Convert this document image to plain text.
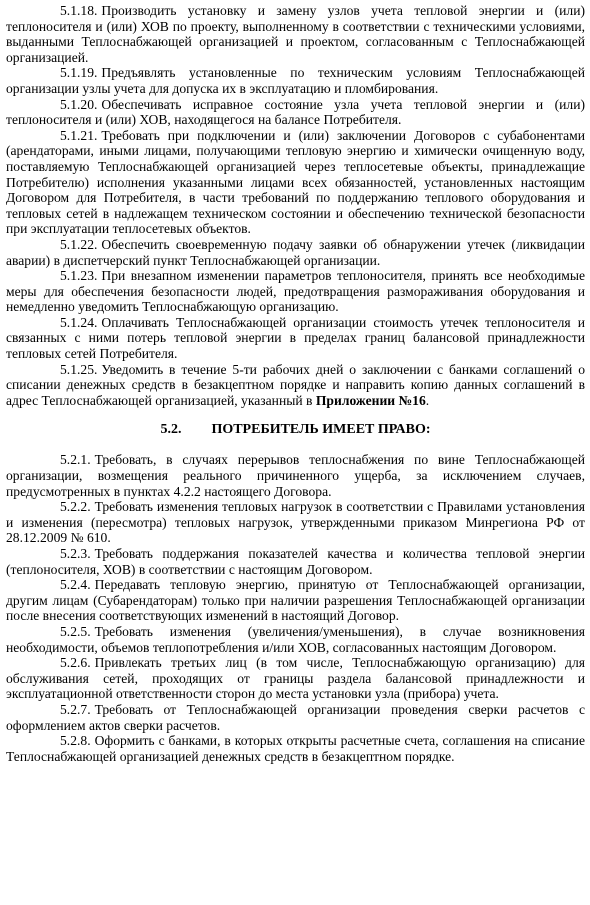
5.1.18. Производить установку и замену узлов учета тепловой энергии и (или) теплоносителя и (или) ХОВ по проекту, выполненному в соответствии с техническими условиями, выданными Теплоснабжающей организацией и проектом, согласованным с Теплоснабжающей организацией.

5.1.19. Предъявлять установленные по техническим условиям Теплоснабжающей организации узлы учета для допуска их в эксплуатацию и пломбирования.

5.1.20. Обеспечивать исправное состояние узла учета тепловой энергии и (или) теплоносителя и (или) ХОВ, находящегося на балансе Потребителя.

5.1.21. Требовать при подключении и (или) заключении Договоров с субабонентами (арендаторами, иными лицами, получающими тепловую энергию и химически очищенную воду, поставляемую Теплоснабжающей организацией через теплосетевые объекты, принадлежащие Потребителю) исполнения указанными лицами всех обязанностей, установленных настоящим Договором для Потребителя, в части требований по поддержанию теплового оборудования и тепловых сетей в надлежащем техническом состоянии и обеспечению технической безопасности при эксплуатации теплосетевых объектов.

5.1.22. Обеспечить своевременную подачу заявки об обнаружении утечек (ликвидации аварии) в диспетчерский пункт Теплоснабжающей организации.

5.1.23. При внезапном изменении параметров теплоносителя, принять все необходимые меры для обеспечения безопасности людей, предотвращения размораживания оборудования и немедленно уведомить Теплоснабжающую организацию.

5.1.24. Оплачивать Теплоснабжающей организации стоимость утечек теплоносителя и связанных с ними потерь тепловой энергии в пределах границ балансовой принадлежности тепловых сетей Потребителя.

5.1.25. Уведомить в течение 5-ти рабочих дней о заключении с банками соглашений о списании денежных средств в безакцептном порядке и направить копию данных соглашений в адрес Теплоснабжающей организацией, указанный в Приложении №16.

5.2. ПОТРЕБИТЕЛЬ ИМЕЕТ ПРАВО:

5.2.1. Требовать, в случаях перерывов теплоснабжения по вине Теплоснабжающей организации, возмещения реального причиненного ущерба, за исключением случаев, предусмотренных в пунктах 4.2.2 настоящего Договора.

5.2.2. Требовать изменения тепловых нагрузок в соответствии с Правилами установления и изменения (пересмотра) тепловых нагрузок, утвержденными приказом Минрегиона РФ от 28.12.2009 № 610.

5.2.3. Требовать поддержания показателей качества и количества тепловой энергии (теплоносителя, ХОВ) в соответствии с настоящим Договором.

5.2.4. Передавать тепловую энергию, принятую от Теплоснабжающей организации, другим лицам (Субарендаторам) только при наличии разрешения Теплоснабжающей организации после внесения соответствующих изменений в настоящий Договор.

5.2.5. Требовать изменения (увеличения/уменьшения), в случае возникновения необходимости, объемов теплопотребления и/или ХОВ, согласованных настоящим Договором.

5.2.6. Привлекать третьих лиц (в том числе, Теплоснабжающую организацию) для обслуживания сетей, проходящих от границы раздела балансовой принадлежности и эксплуатационной ответственности сторон до места установки узла (прибора) учета.

5.2.7. Требовать от Теплоснабжающей организации проведения сверки расчетов с оформлением актов сверки расчетов.

5.2.8. Оформить с банками, в которых открыты расчетные счета, соглашения на списание Теплоснабжающей организацией денежных средств в безакцептном порядке.
